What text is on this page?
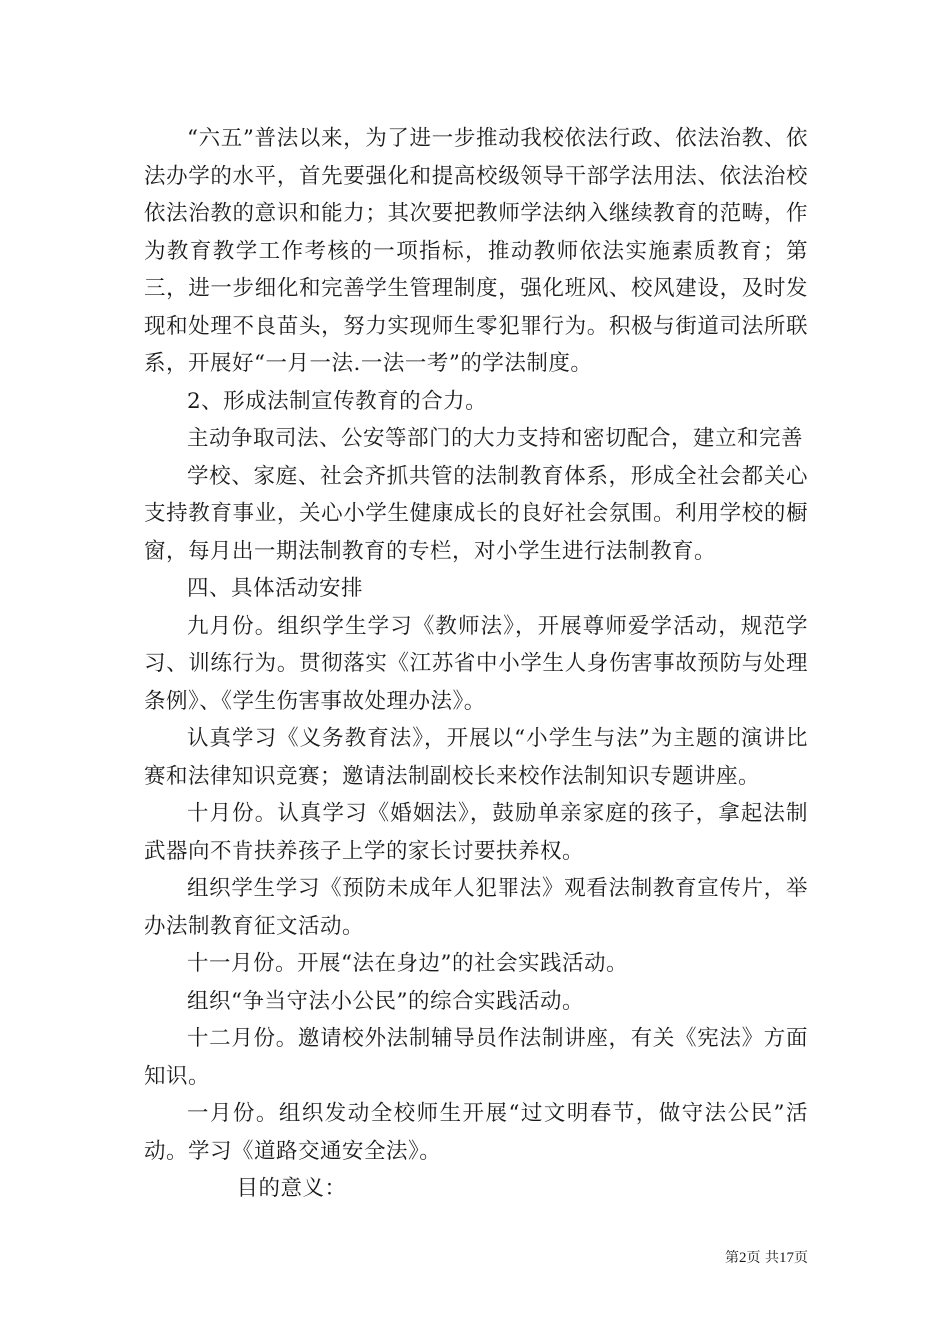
“六五”普法以来，为了进一步推动我校依法行政、依法治教、依法办学的水平，首先要强化和提高校级领导干部学法用法、依法治校依法治教的意识和能力；其次要把教师学法纳入继续教育的范畴，作为教育教学工作考核的一项指标，推动教师依法实施素质教育；第三，进一步细化和完善学生管理制度，强化班风、校风建设，及时发现和处理不良苗头，努力实现师生零犯罪行为。积极与街道司法所联系，开展好“一月一法.一法一考”的学法制度。

2、形成法制宣传教育的合力。

主动争取司法、公安等部门的大力支持和密切配合，建立和完善

学校、家庭、社会齐抓共管的法制教育体系，形成全社会都关心支持教育事业，关心小学生健康成长的良好社会氛围。利用学校的橱窗，每月出一期法制教育的专栏，对小学生进行法制教育。

四、具体活动安排

九月份。组织学生学习《教师法》，开展尊师爱学活动，规范学习、训练行为。贯彻落实《江苏省中小学生人身伤害事故预防与处理条例》、《学生伤害事故处理办法》。

认真学习《义务教育法》，开展以“小学生与法”为主题的演讲比赛和法律知识竞赛；邀请法制副校长来校作法制知识专题讲座。

十月份。认真学习《婚姻法》，鼓励单亲家庭的孩子，拿起法制武器向不肯扶养孩子上学的家长讨要扶养权。

组织学生学习《预防未成年人犯罪法》观看法制教育宣传片，举办法制教育征文活动。

十一月份。开展“法在身边”的社会实践活动。

组织“争当守法小公民”的综合实践活动。

十二月份。邀请校外法制辅导员作法制讲座，有关《宪法》方面知识。

一月份。组织发动全校师生开展“过文明春节，做守法公民”活动。学习《道路交通安全法》。

目的意义：

第2页 共17页
